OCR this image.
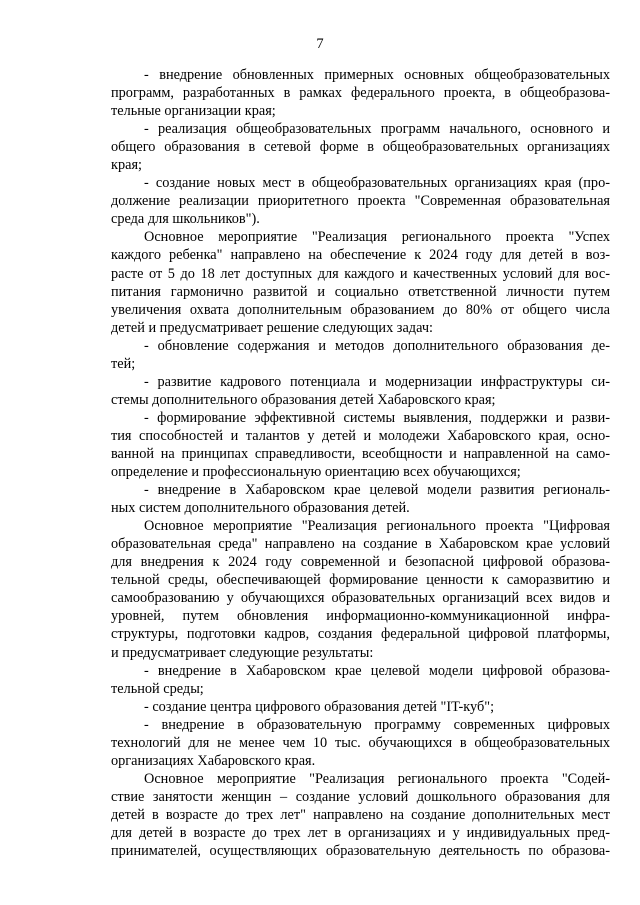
7
- внедрение обновленных примерных основных общеобразовательных
программ, разработанных в рамках федерального проекта, в общеобразова-
тельные организации края;
- реализация общеобразовательных программ начального, основного и
общего образования в сетевой форме в общеобразовательных организациях
края;
- создание новых мест в общеобразовательных организациях края (про-
должение реализации приоритетного проекта "Современная образовательная
среда для школьников").
Основное мероприятие "Реализация регионального проекта "Успех
каждого ребенка" направлено на обеспечение к 2024 году для детей в воз-
расте от 5 до 18 лет доступных для каждого и качественных условий для вос-
питания гармонично развитой и социально ответственной личности путем
увеличения охвата дополнительным образованием до 80% от общего числа
детей и предусматривает решение следующих задач:
- обновление содержания и методов дополнительного образования де-
тей;
- развитие кадрового потенциала и модернизации инфраструктуры си-
стемы дополнительного образования детей Хабаровского края;
- формирование эффективной системы выявления, поддержки и разви-
тия способностей и талантов у детей и молодежи Хабаровского края, осно-
ванной на принципах справедливости, всеобщности и направленной на само-
определение и профессиональную ориентацию всех обучающихся;
- внедрение в Хабаровском крае целевой модели развития региональ-
ных систем дополнительного образования детей.
Основное мероприятие "Реализация регионального проекта "Цифровая
образовательная среда" направлено на создание в Хабаровском крае условий
для внедрения к 2024 году современной и безопасной цифровой образова-
тельной среды, обеспечивающей формирование ценности к саморазвитию и
самообразованию у обучающихся образовательных организаций всех видов и
уровней, путем обновления информационно-коммуникационной инфра-
структуры, подготовки кадров, создания федеральной цифровой платформы,
и предусматривает следующие результаты:
- внедрение в Хабаровском крае целевой модели цифровой образова-
тельной среды;
- создание центра цифрового образования детей "IT-куб";
- внедрение в образовательную программу современных цифровых
технологий для не менее чем 10 тыс. обучающихся в общеобразовательных
организациях Хабаровского края.
Основное мероприятие "Реализация регионального проекта "Содей-
ствие занятости женщин – создание условий дошкольного образования для
детей в возрасте до трех лет" направлено на создание дополнительных мест
для детей в возрасте до трех лет в организациях и у индивидуальных пред-
принимателей, осуществляющих образовательную деятельность по образова-
